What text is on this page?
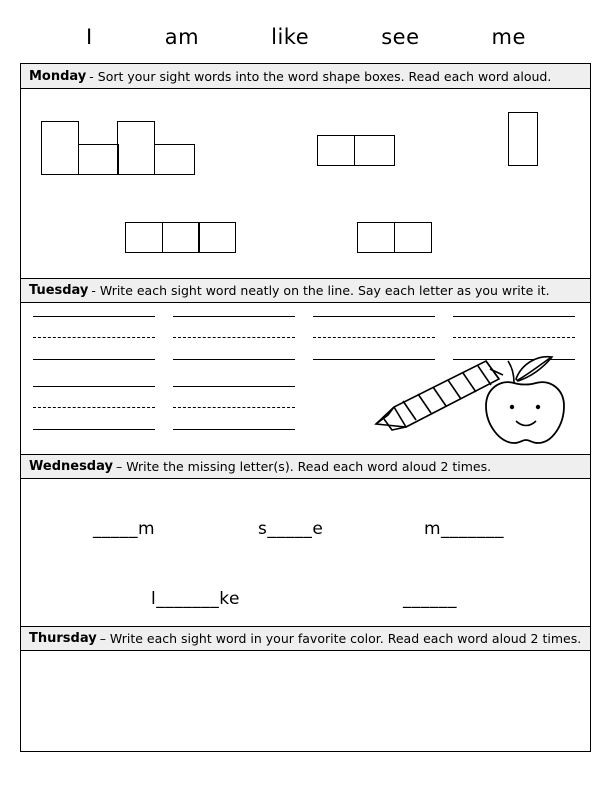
I	am	like	see	me
Monday - Sort your sight words into the word shape boxes. Read each word aloud.
Tuesday - Write each sight word neatly on the line. Say each letter as you write it.
Wednesday – Write the missing letter(s). Read each word aloud 2 times.
_____m	s_____e	m_______
l_______ke	______
Thursday – Write each sight word in your favorite color. Read each word aloud 2 times.
